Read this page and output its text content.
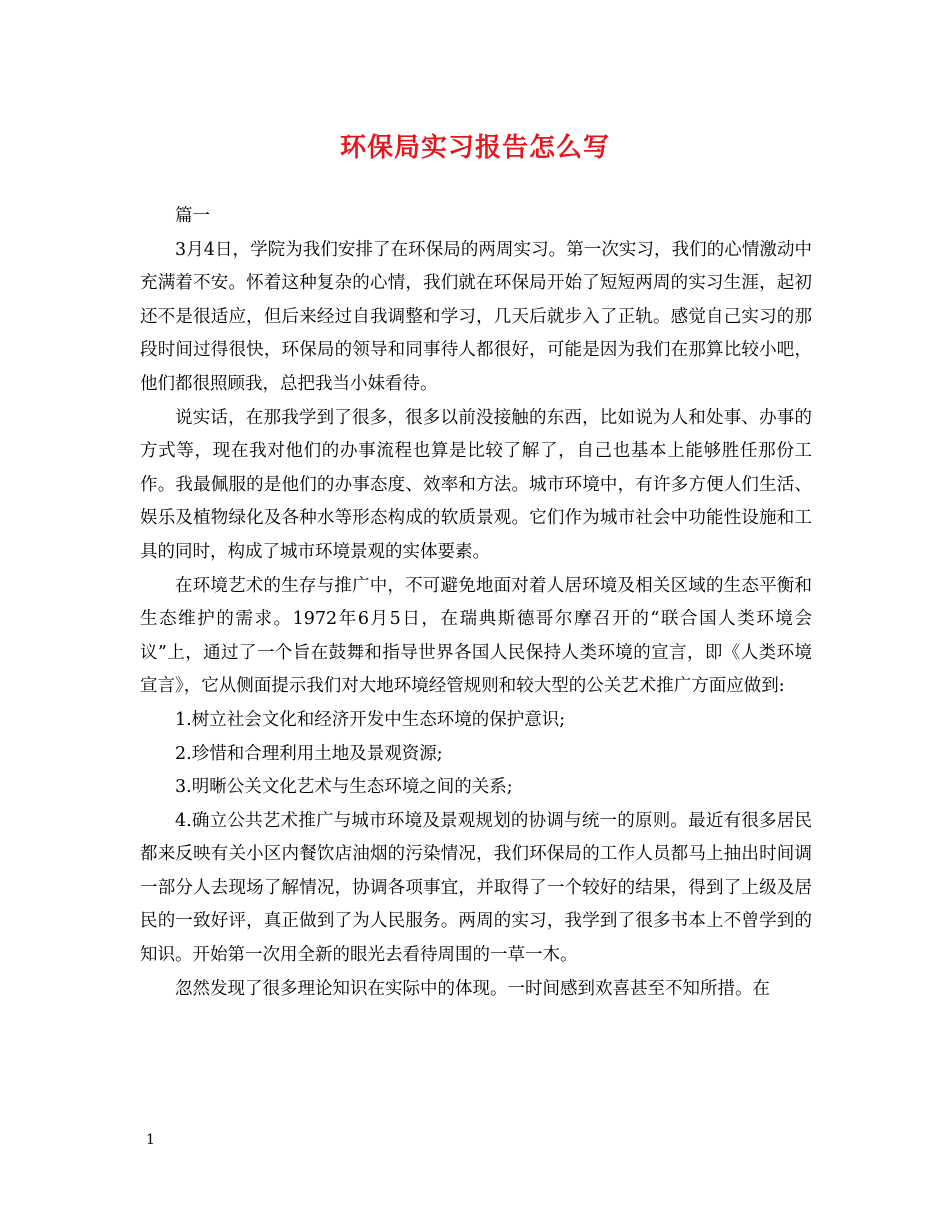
环保局实习报告怎么写

篇一

3月4日，学院为我们安排了在环保局的两周实习。第一次实习，我们的心情激动中充满着不安。怀着这种复杂的心情，我们就在环保局开始了短短两周的实习生涯，起初还不是很适应，但后来经过自我调整和学习，几天后就步入了正轨。感觉自己实习的那段时间过得很快，环保局的领导和同事待人都很好，可能是因为我们在那算比较小吧，他们都很照顾我，总把我当小妹看待。

说实话，在那我学到了很多，很多以前没接触的东西，比如说为人和处事、办事的方式等，现在我对他们的办事流程也算是比较了解了，自己也基本上能够胜任那份工作。我最佩服的是他们的办事态度、效率和方法。城市环境中，有许多方便人们生活、娱乐及植物绿化及各种水等形态构成的软质景观。它们作为城市社会中功能性设施和工具的同时，构成了城市环境景观的实体要素。

在环境艺术的生存与推广中，不可避免地面对着人居环境及相关区域的生态平衡和生态维护的需求。1972年6月5日，在瑞典斯德哥尔摩召开的“联合国人类环境会议”上，通过了一个旨在鼓舞和指导世界各国人民保持人类环境的宣言，即《人类环境宣言》，它从侧面提示我们对大地环境经管规则和较大型的公关艺术推广方面应做到:

1.树立社会文化和经济开发中生态环境的保护意识;

2.珍惜和合理利用土地及景观资源;

3.明晰公关文化艺术与生态环境之间的关系;

4.确立公共艺术推广与城市环境及景观规划的协调与统一的原则。最近有很多居民都来反映有关小区内餐饮店油烟的污染情况，我们环保局的工作人员都马上抽出时间调一部分人去现场了解情况，协调各项事宜，并取得了一个较好的结果，得到了上级及居民的一致好评，真正做到了为人民服务。两周的实习，我学到了很多书本上不曾学到的知识。开始第一次用全新的眼光去看待周围的一草一木。

忽然发现了很多理论知识在实际中的体现。一时间感到欢喜甚至不知所措。在

1
